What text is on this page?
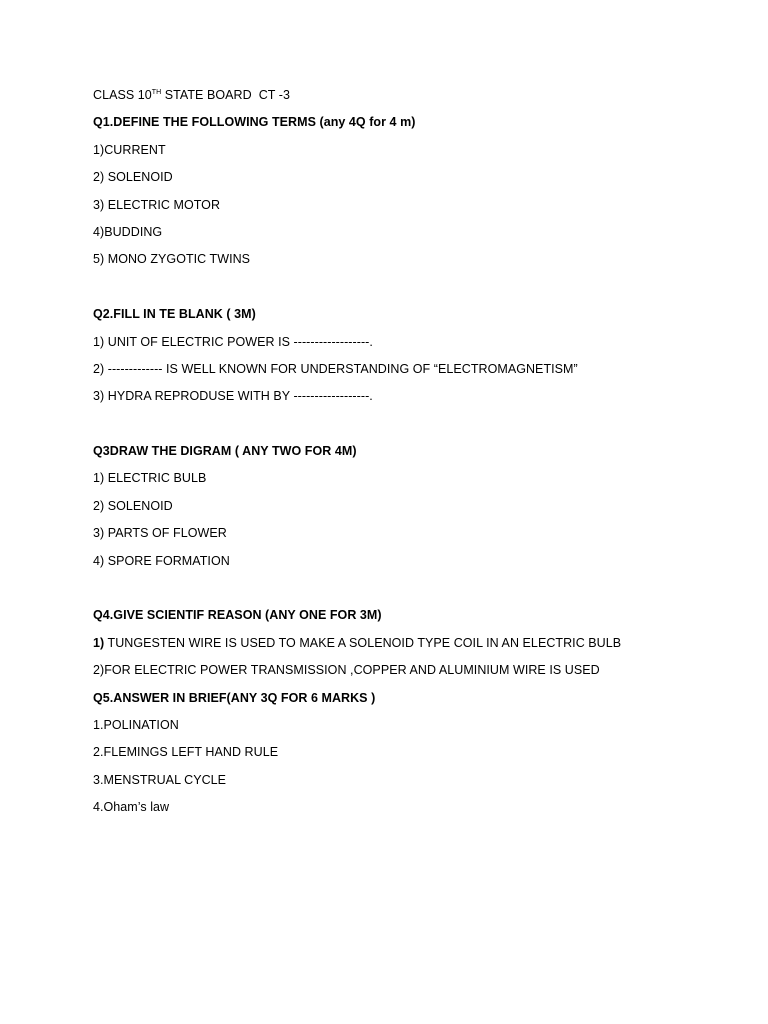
CLASS 10TH STATE BOARD  CT -3
Q1.DEFINE THE FOLLOWING TERMS (any 4Q for 4 m)
1)CURRENT
2) SOLENOID
3) ELECTRIC MOTOR
4)BUDDING
5) MONO ZYGOTIC TWINS
Q2.FILL IN TE BLANK ( 3M)
1) UNIT OF ELECTRIC POWER IS ------------------.
2) ------------- IS WELL KNOWN FOR UNDERSTANDING OF “ELECTROMAGNETISM”
3) HYDRA REPRODUSE WITH BY ------------------.
Q3DRAW THE DIGRAM ( ANY TWO FOR 4M)
1) ELECTRIC BULB
2) SOLENOID
3) PARTS OF FLOWER
4) SPORE FORMATION
Q4.GIVE SCIENTIF REASON (ANY ONE FOR 3M)
1) TUNGESTEN WIRE IS USED TO MAKE A SOLENOID TYPE COIL IN AN ELECTRIC BULB
2)FOR ELECTRIC POWER TRANSMISSION ,COPPER AND ALUMINIUM WIRE IS USED
Q5.ANSWER IN BRIEF(ANY 3Q FOR 6 MARKS )
1.POLINATION
2.FLEMINGS LEFT HAND RULE
3.MENSTRUAL CYCLE
4.Oham’s law
